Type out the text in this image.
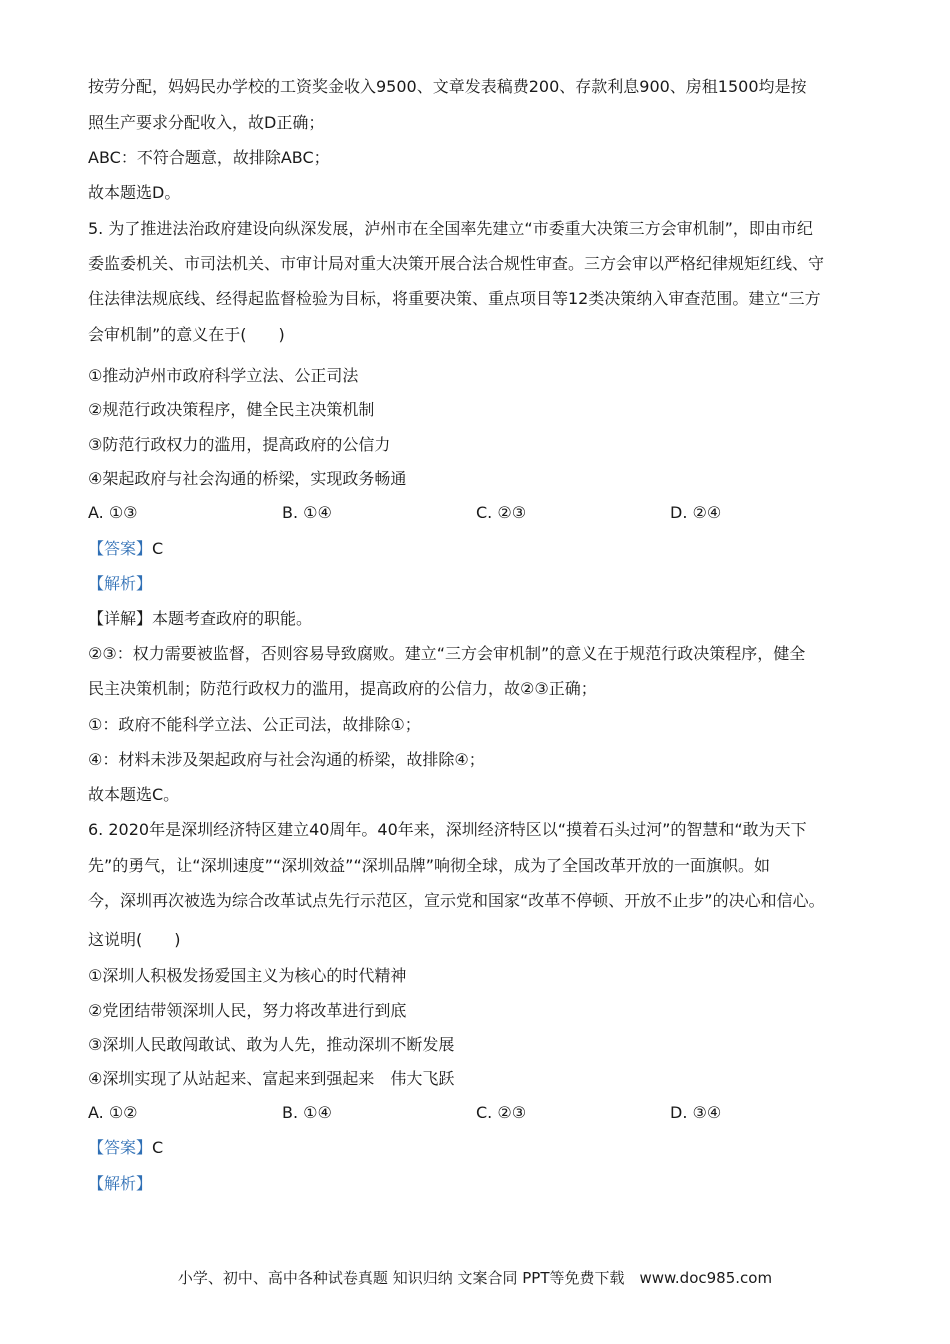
按劳分配，妈妈民办学校的工资奖金收入9500、文章发表稿费200、存款利息900、房租1500均是按
照生产要求分配收入，故D正确；
ABC：不符合题意，故排除ABC；
故本题选D。
5. 为了推进法治政府建设向纵深发展，泸州市在全国率先建立“市委重大决策三方会审机制”，即由市纪
委监委机关、市司法机关、市审计局对重大决策开展合法合规性审查。三方会审以严格纪律规矩红线、守
住法律法规底线、经得起监督检验为目标，将重要决策、重点项目等12类决策纳入审查范围。建立“三方
会审机制”的意义在于(　　)
①推动泸州市政府科学立法、公正司法
②规范行政决策程序，健全民主决策机制
③防范行政权力的滥用，提高政府的公信力
④架起政府与社会沟通的桥梁，实现政务畅通
A. ①③	B. ①④	C. ②③	D. ②④
【答案】C
【解析】
【详解】本题考查政府的职能。
②③：权力需要被监督，否则容易导致腐败。建立“三方会审机制”的意义在于规范行政决策程序，健全
民主决策机制；防范行政权力的滥用，提高政府的公信力，故②③正确；
①：政府不能科学立法、公正司法，故排除①；
④：材料未涉及架起政府与社会沟通的桥梁，故排除④；
故本题选C。
6. 2020年是深圳经济特区建立40周年。40年来，深圳经济特区以“摸着石头过河”的智慧和“敢为天下
先”的勇气，让“深圳速度”“深圳效益”“深圳品牌”响彻全球，成为了全国改革开放的一面旗帜。如
今，深圳再次被选为综合改革试点先行示范区，宣示党和国家“改革不停顿、开放不止步”的决心和信心。
这说明(　　)
①深圳人积极发扬爱国主义为核心的时代精神
②党团结带领深圳人民，努力将改革进行到底
③深圳人民敢闯敢试、敢为人先，推动深圳不断发展
④深圳实现了从站起来、富起来到强起来　伟大飞跃
A. ①②	B. ①④	C. ②③	D. ③④
【答案】C
【解析】
小学、初中、高中各种试卷真题 知识归纳 文案合同 PPT等免费下载　www.doc985.com
